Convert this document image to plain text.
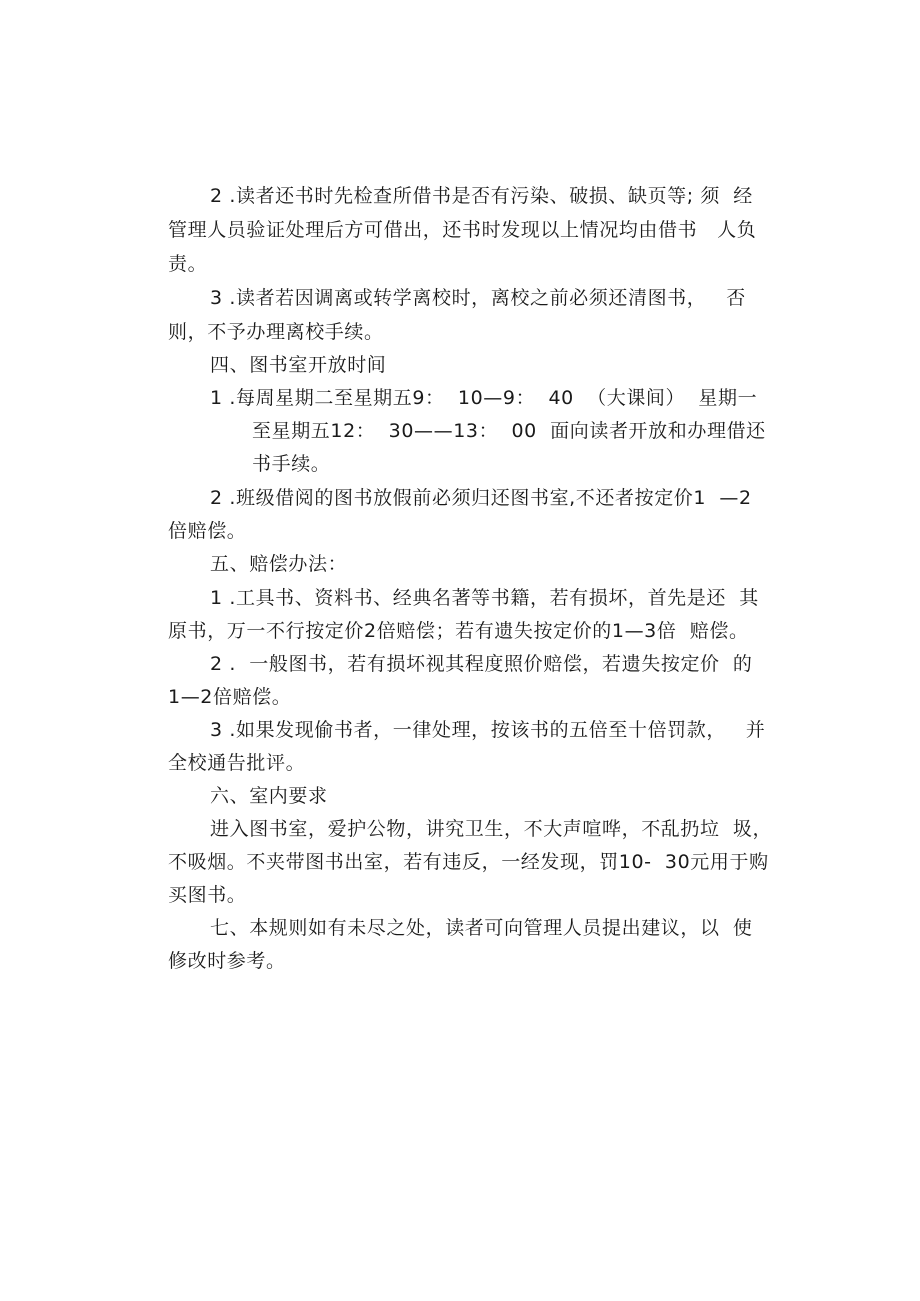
2 .读者还书时先检查所借书是否有污染、破损、缺页等; 须  经
管理人员验证处理后方可借出，还书时发现以上情况均由借书   人负
责。
3 .读者若因调离或转学离校时，离校之前必须还清图书，   否
则，不予办理离校手续。
四、图书室开放时间
1 .每周星期二至星期五9：  10—9：  40  （大课间）  星期一
至星期五12：  30——13：  00  面向读者开放和办理借还
书手续。
2 .班级借阅的图书放假前必须归还图书室,不还者按定价1  —2
倍赔偿。
五、赔偿办法：
1 .工具书、资料书、经典名著等书籍，若有损坏，首先是还  其
原书，万一不行按定价2倍赔偿；若有遗失按定价的1—3倍  赔偿。
2 .  一般图书，若有损坏视其程度照价赔偿，若遗失按定价  的
1—2倍赔偿。
3 .如果发现偷书者，一律处理，按该书的五倍至十倍罚款，   并
全校通告批评。
六、室内要求
进入图书室，爱护公物，讲究卫生，不大声喧哗，不乱扔垃  圾，
不吸烟。不夹带图书出室，若有违反，一经发现，罚10-  30元用于购
买图书。
七、本规则如有未尽之处，读者可向管理人员提出建议，以  使
修改时参考。
